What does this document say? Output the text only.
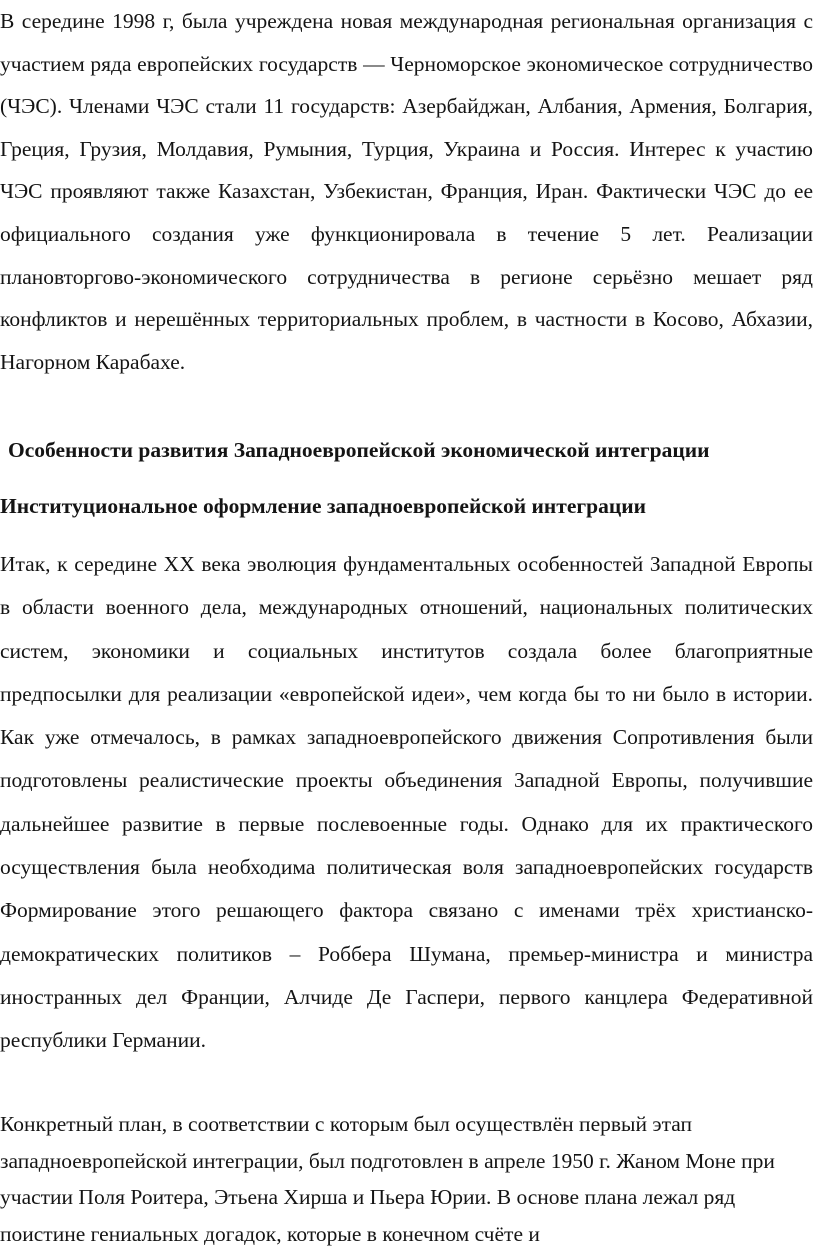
В середине 1998 г, была учреждена новая международная региональная организация с участием ряда европейских государств — Черноморское экономическое сотрудничество (ЧЭС). Членами ЧЭС стали 11 государств: Азербайджан, Албания, Армения, Болгария, Греция, Грузия, Молдавия, Румыния, Турция, Украина и Россия. Интерес к участию ЧЭС проявляют также Казахстан, Узбекистан, Франция, Иран. Фактически ЧЭС до ее официального создания уже функционировала в течение 5 лет. Реализации плановторгово-экономического сотрудничества в регионе серьёзно мешает ряд конфликтов и нерешённых территориальных проблем, в частности в Косово, Абхазии, Нагорном Карабахе.

Особенности развития Западноевропейской экономической интеграции
Институциональное оформление западноевропейской интеграции

Итак, к середине XX века эволюция фундаментальных особенностей Западной Европы в области военного дела, международных отношений, национальных политических систем, экономики и социальных институтов создала более благоприятные предпосылки для реализации «европейской идеи», чем когда бы то ни было в истории. Как уже отмечалось, в рамках западноевропейского движения Сопротивления были подготовлены реалистические проекты объединения Западной Европы, получившие дальнейшее развитие в первые послевоенные годы. Однако для их практического осуществления была необходима политическая воля западноевропейских государств Формирование этого решающего фактора связано с именами трёх христианско-демократических политиков – Роббера Шумана, премьер-министра и министра иностранных дел Франции, Алчиде Де Гаспери, первого канцлера Федеративной республики Германии.

Конкретный план, в соответствии с которым был осуществлён первый этап западноевропейской интеграции, был подготовлен в апреле 1950 г. Жаном Моне при участии Поля Роитера, Этьена Хирша и Пьера Юрии. В основе плана лежал ряд поистине гениальных догадок, которые в конечном счёте и
